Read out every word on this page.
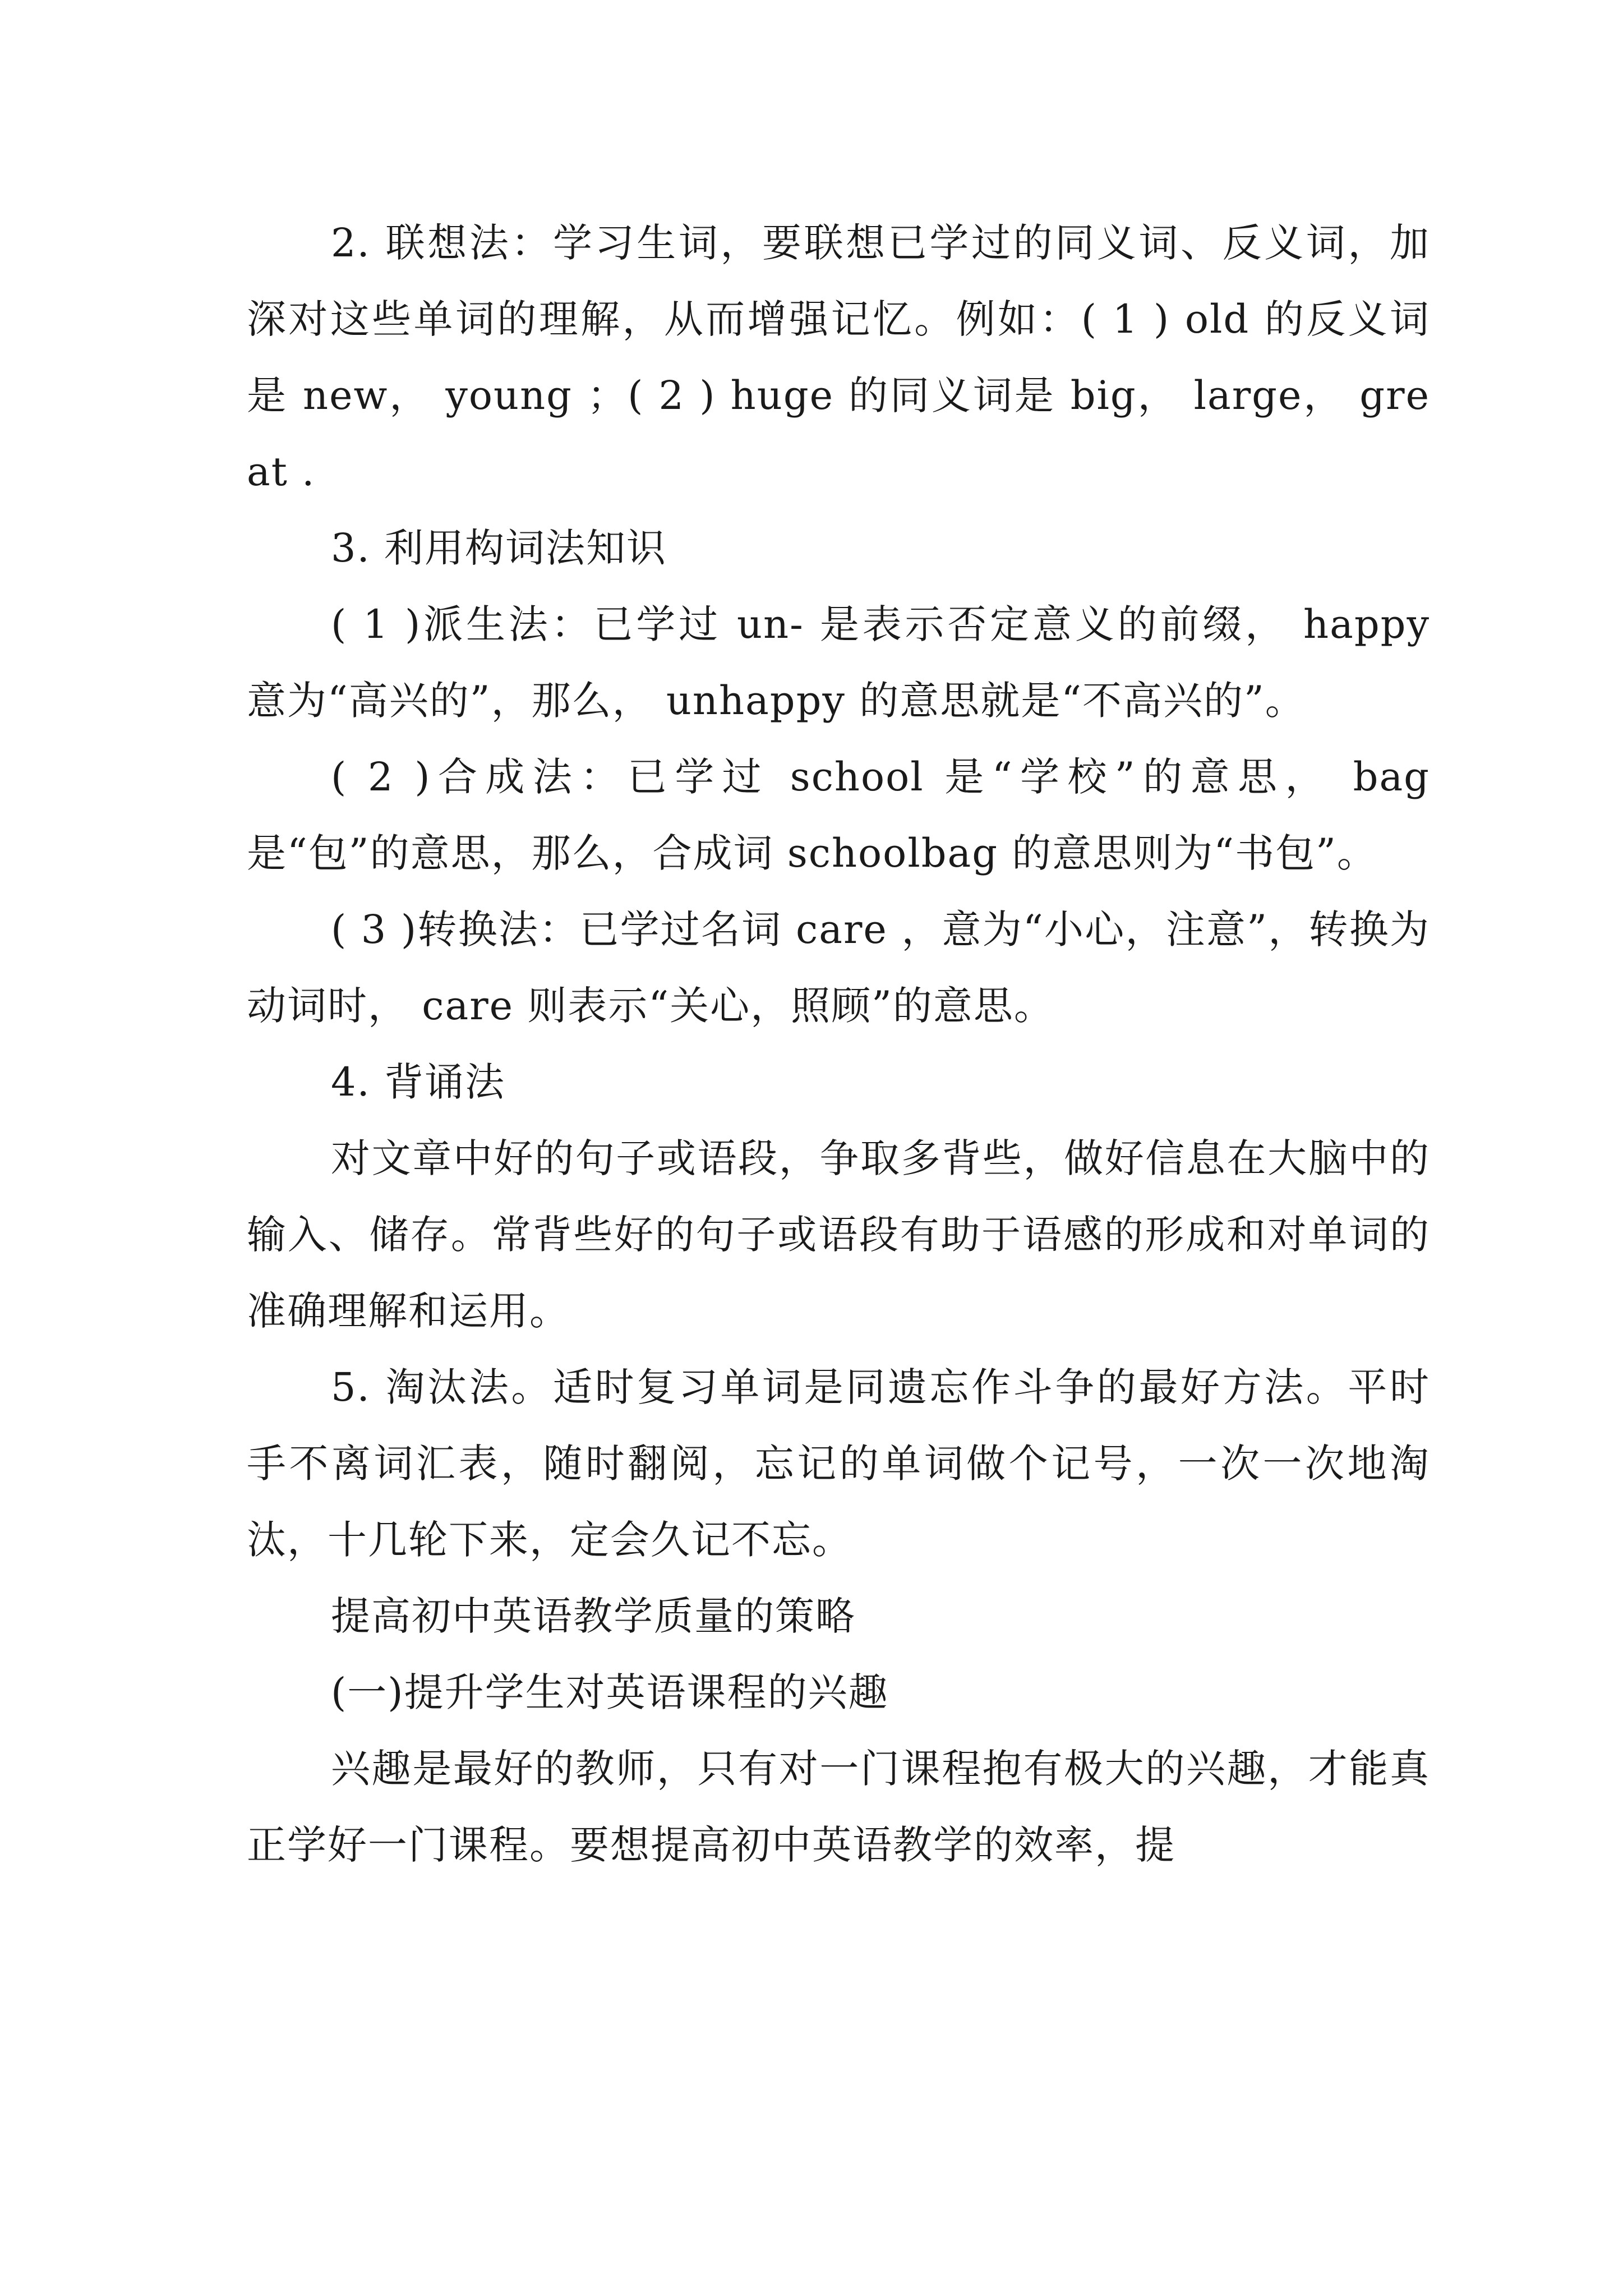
2. 联想法：学习生词，要联想已学过的同义词、反义词，加深对这些单词的理解，从而增强记忆。例如：( 1 ) old 的反义词是 new， young ；( 2 ) huge 的同义词是 big， large， great .

3. 利用构词法知识

( 1 )派生法：已学过 un- 是表示否定意义的前缀， happy 意为“高兴的”，那么， unhappy 的意思就是“不高兴的”。

( 2 )合成法：已学过 school 是“学校”的意思， bag 是“包”的意思，那么，合成词 schoolbag 的意思则为“书包”。

( 3 )转换法：已学过名词 care ，意为“小心，注意”，转换为动词时， care 则表示“关心，照顾”的意思。

4. 背诵法

对文章中好的句子或语段，争取多背些，做好信息在大脑中的输入、储存。常背些好的句子或语段有助于语感的形成和对单词的准确理解和运用。

5. 淘汰法。适时复习单词是同遗忘作斗争的最好方法。平时手不离词汇表，随时翻阅，忘记的单词做个记号，一次一次地淘汰，十几轮下来，定会久记不忘。

提高初中英语教学质量的策略

(一)提升学生对英语课程的兴趣

兴趣是最好的教师，只有对一门课程抱有极大的兴趣，才能真正学好一门课程。要想提高初中英语教学的效率，提
